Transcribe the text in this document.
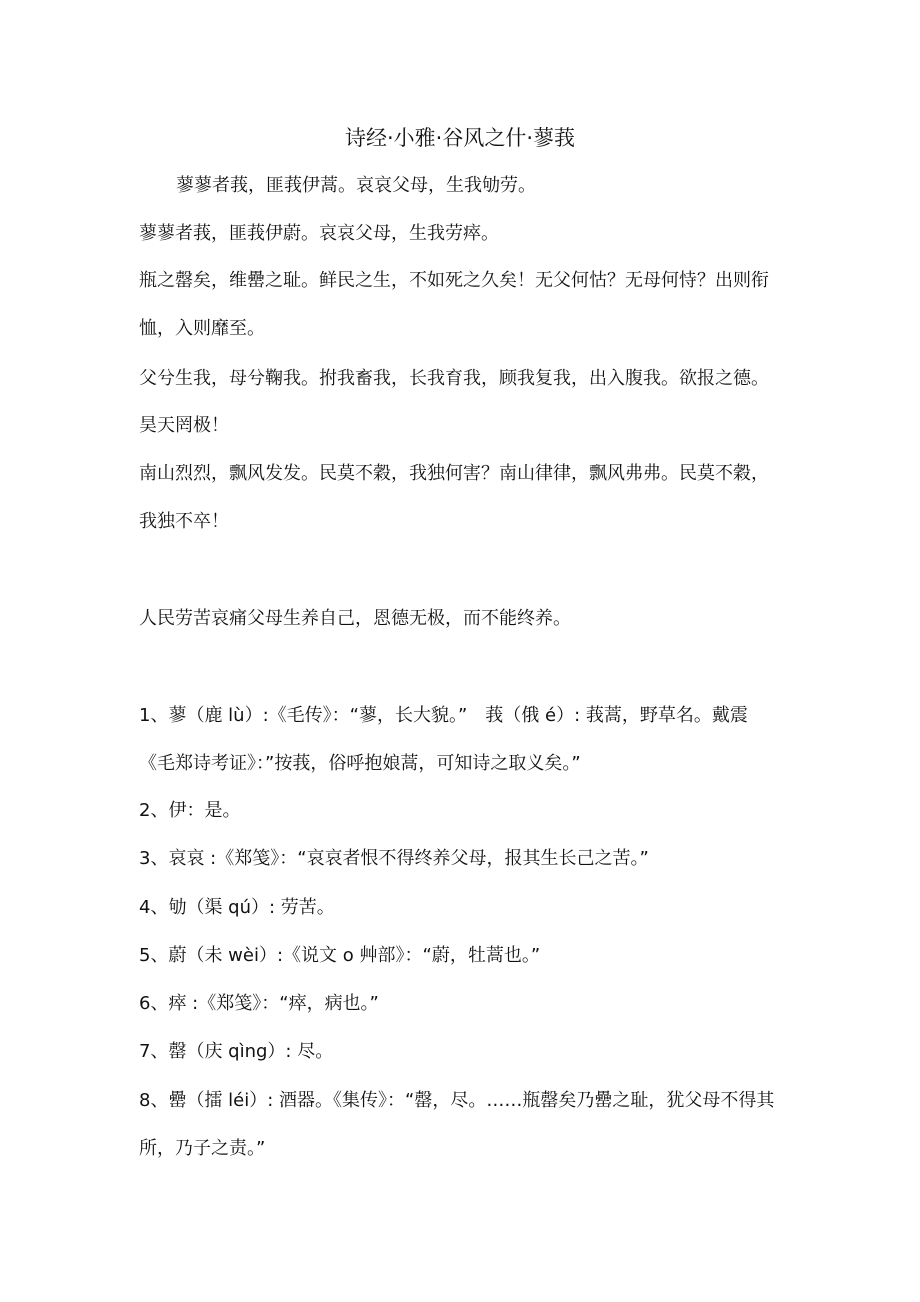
诗经·小雅·谷风之什·蓼莪
蓼蓼者莪，匪莪伊蒿。哀哀父母，生我劬劳。
蓼蓼者莪，匪莪伊蔚。哀哀父母，生我劳瘁。
瓶之罄矣，维罍之耻。鲜民之生，不如死之久矣！无父何怙？无母何恃？出则衔
恤，入则靡至。
父兮生我，母兮鞠我。拊我畜我，长我育我，顾我复我，出入腹我。欲报之德。
昊天罔极！
南山烈烈，飘风发发。民莫不穀，我独何害？南山律律，飘风弗弗。民莫不穀，
我独不卒！
人民劳苦哀痛父母生养自己，恩德无极，而不能终养。
1、蓼（鹿 lù）:《毛传》：“蓼，长大貌。”　莪（俄 é）: 莪蒿，野草名。戴震
《毛郑诗考证》：”按莪，俗呼抱娘蒿，可知诗之取义矣。”
2、伊：是。
3、哀哀 :《郑笺》：“哀哀者恨不得终养父母，报其生长己之苦。”
4、劬（渠 qú）: 劳苦。
5、蔚（未 wèi）:《说文 o 艸部》：“蔚，牡蒿也。”
6、瘁 :《郑笺》：“瘁，病也。”
7、罄（庆 qìng）: 尽。
8、罍（擂 léi）: 酒器。《集传》：“罄，尽。……瓶罄矣乃罍之耻，犹父母不得其
所，乃子之责。”
